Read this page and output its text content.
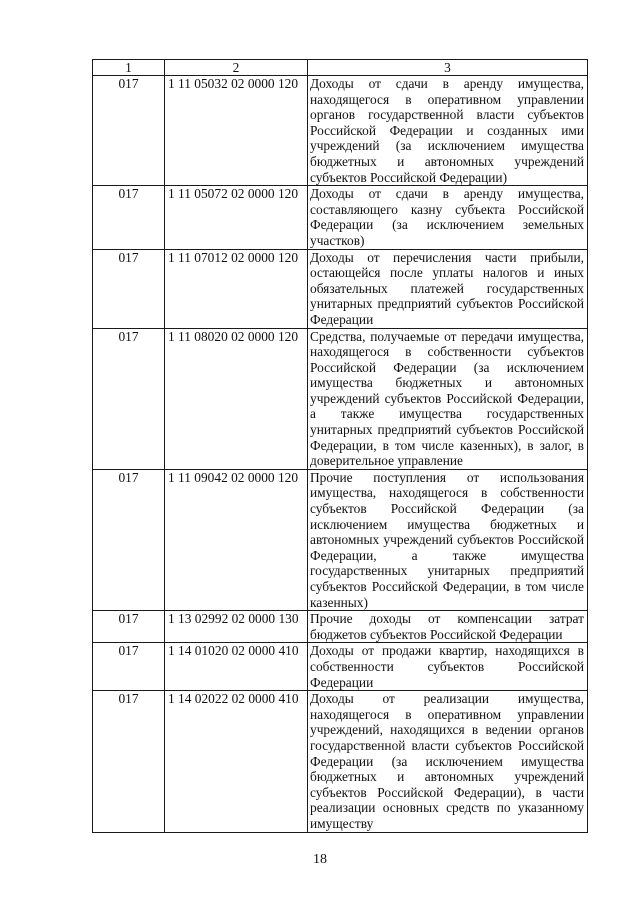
1	2	3
017	1 11 05032 02 0000 120	Доходы от сдачи в аренду имущества, находящегося в оперативном управлении органов государственной власти субъектов Российской Федерации и созданных ими учреждений (за исключением имущества бюджетных и автономных учреждений субъектов Российской Федерации)
017	1 11 05072 02 0000 120	Доходы от сдачи в аренду имущества, составляющего казну субъекта Российской Федерации (за исключением земельных участков)
017	1 11 07012 02 0000 120	Доходы от перечисления части прибыли, остающейся после уплаты налогов и иных обязательных платежей государственных унитарных предприятий субъектов Российской Федерации
017	1 11 08020 02 0000 120	Средства, получаемые от передачи имущества, находящегося в собственности субъектов Российской Федерации (за исключением имущества бюджетных и автономных учреждений субъектов Российской Федерации, а также имущества государственных унитарных предприятий субъектов Российской Федерации, в том числе казенных), в залог, в доверительное управление
017	1 11 09042 02 0000 120	Прочие поступления от использования имущества, находящегося в собственности субъектов Российской Федерации (за исключением имущества бюджетных и автономных учреждений субъектов Российской Федерации, а также имущества государственных унитарных предприятий субъектов Российской Федерации, в том числе казенных)
017	1 13 02992 02 0000 130	Прочие доходы от компенсации затрат бюджетов субъектов Российской Федерации
017	1 14 01020 02 0000 410	Доходы от продажи квартир, находящихся в собственности субъектов Российской Федерации
017	1 14 02022 02 0000 410	Доходы от реализации имущества, находящегося в оперативном управлении учреждений, находящихся в ведении органов государственной власти субъектов Российской Федерации (за исключением имущества бюджетных и автономных учреждений субъектов Российской Федерации), в части реализации основных средств по указанному имуществу
18
